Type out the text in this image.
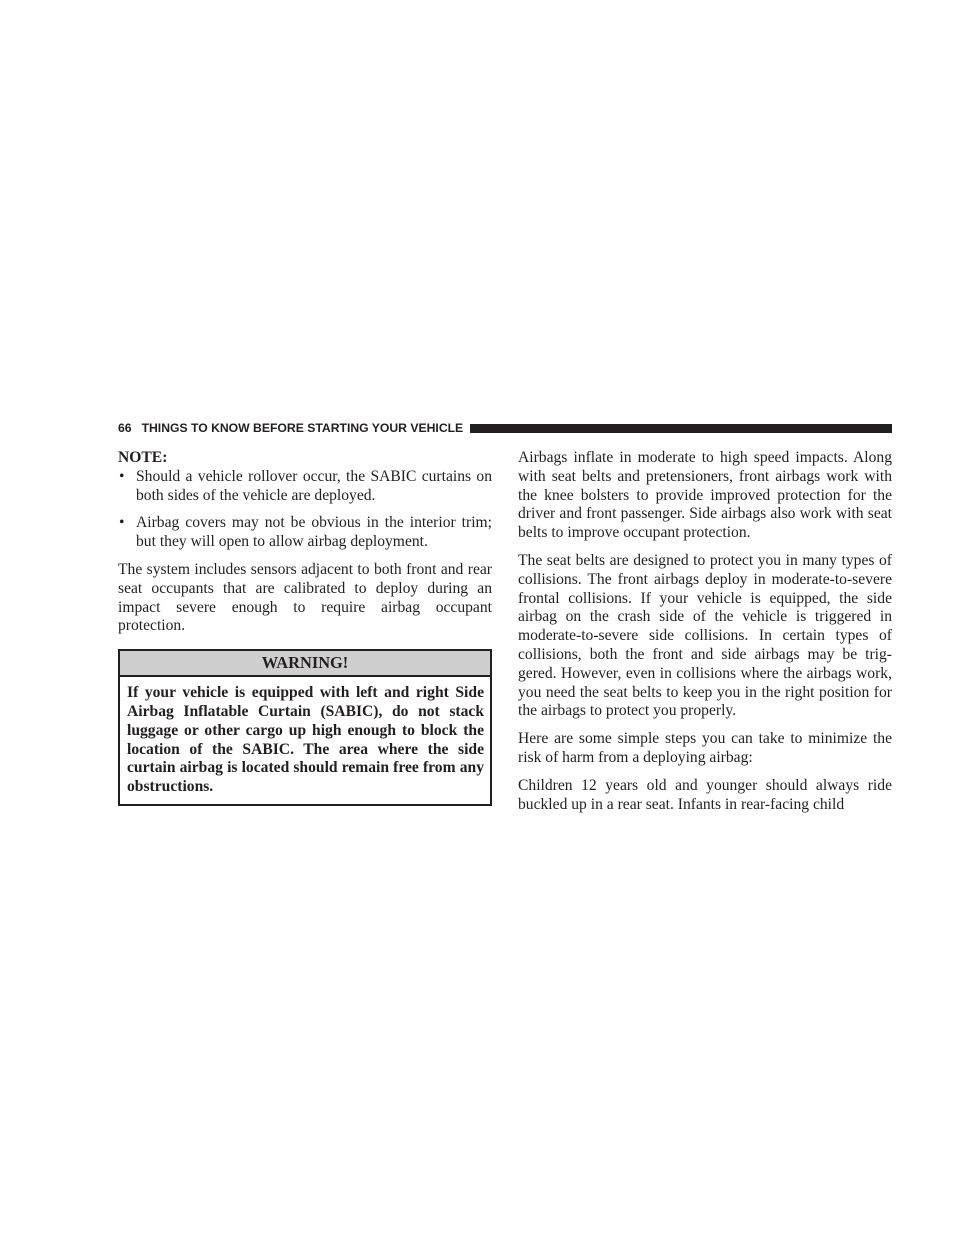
66 THINGS TO KNOW BEFORE STARTING YOUR VEHICLE

NOTE:

• Should a vehicle rollover occur, the SABIC curtains on both sides of the vehicle are deployed.
• Airbag covers may not be obvious in the interior trim; but they will open to allow airbag deployment.

The system includes sensors adjacent to both front and rear seat occupants that are calibrated to deploy during an impact severe enough to require airbag occupant protection.

WARNING!
If your vehicle is equipped with left and right Side Airbag Inflatable Curtain (SABIC), do not stack luggage or other cargo up high enough to block the location of the SABIC. The area where the side curtain airbag is located should remain free from any obstructions.

Airbags inflate in moderate to high speed impacts. Along with seat belts and pretensioners, front airbags work with the knee bolsters to provide improved protection for the driver and front passenger. Side airbags also work with seat belts to improve occupant protection.

The seat belts are designed to protect you in many types of collisions. The front airbags deploy in moderate-to-severe frontal collisions. If your vehicle is equipped, the side airbag on the crash side of the vehicle is triggered in moderate-to-severe side collisions. In certain types of collisions, both the front and side airbags may be trig-gered. However, even in collisions where the airbags work, you need the seat belts to keep you in the right position for the airbags to protect you properly.

Here are some simple steps you can take to minimize the risk of harm from a deploying airbag:

Children 12 years old and younger should always ride buckled up in a rear seat. Infants in rear-facing child
